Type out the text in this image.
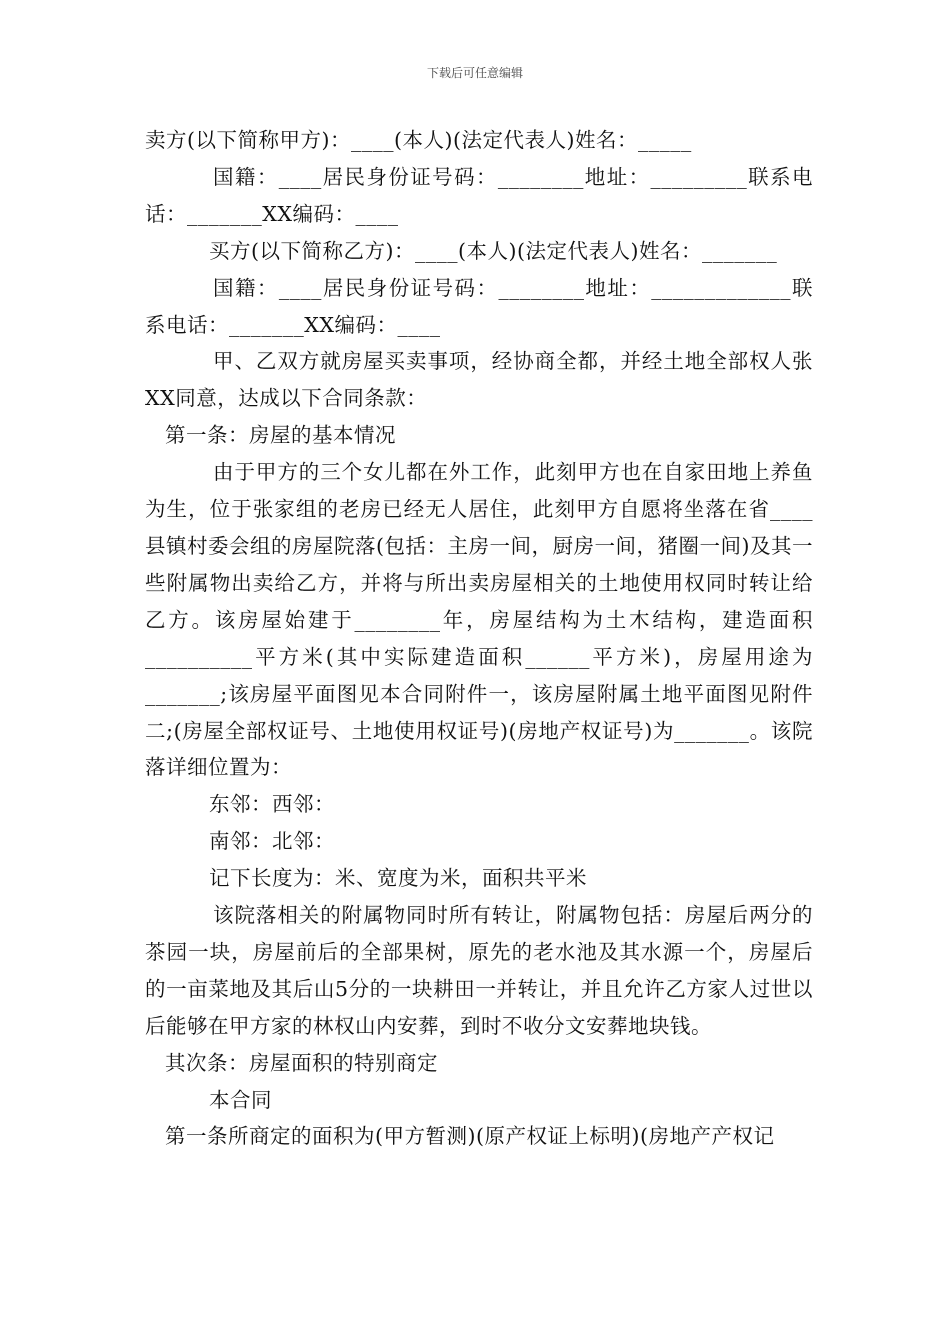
下载后可任意编辑

卖方(以下简称甲方)：____(本人)(法定代表人)姓名：_____

国籍：____居民身份证号码：________地址：_________联系电话：_______XX编码：____

买方(以下简称乙方)：____(本人)(法定代表人)姓名：_______

国籍：____居民身份证号码：________地址：_____________联系电话：_______XX编码：____

甲、乙双方就房屋买卖事项，经协商全都，并经土地全部权人张XX同意，达成以下合同条款：

第一条：房屋的基本情况

由于甲方的三个女儿都在外工作，此刻甲方也在自家田地上养鱼为生，位于张家组的老房已经无人居住，此刻甲方自愿将坐落在省____县镇村委会组的房屋院落(包括：主房一间，厨房一间，猪圈一间)及其一些附属物出卖给乙方，并将与所出卖房屋相关的土地使用权同时转让给乙方。该房屋始建于________年，房屋结构为土木结构，建造面积__________平方米(其中实际建造面积______平方米)，房屋用途为_______;该房屋平面图见本合同附件一，该房屋附属土地平面图见附件二;(房屋全部权证号、土地使用权证号)(房地产权证号)为_______。该院落详细位置为：

东邻：西邻：

南邻：北邻：

记下长度为：米、宽度为米，面积共平米

该院落相关的附属物同时所有转让，附属物包括：房屋后两分的茶园一块，房屋前后的全部果树，原先的老水池及其水源一个，房屋后的一亩菜地及其后山5分的一块耕田一并转让，并且允许乙方家人过世以后能够在甲方家的林权山内安葬，到时不收分文安葬地块钱。

其次条：房屋面积的特别商定

本合同

第一条所商定的面积为(甲方暂测)(原产权证上标明)(房地产产权记
